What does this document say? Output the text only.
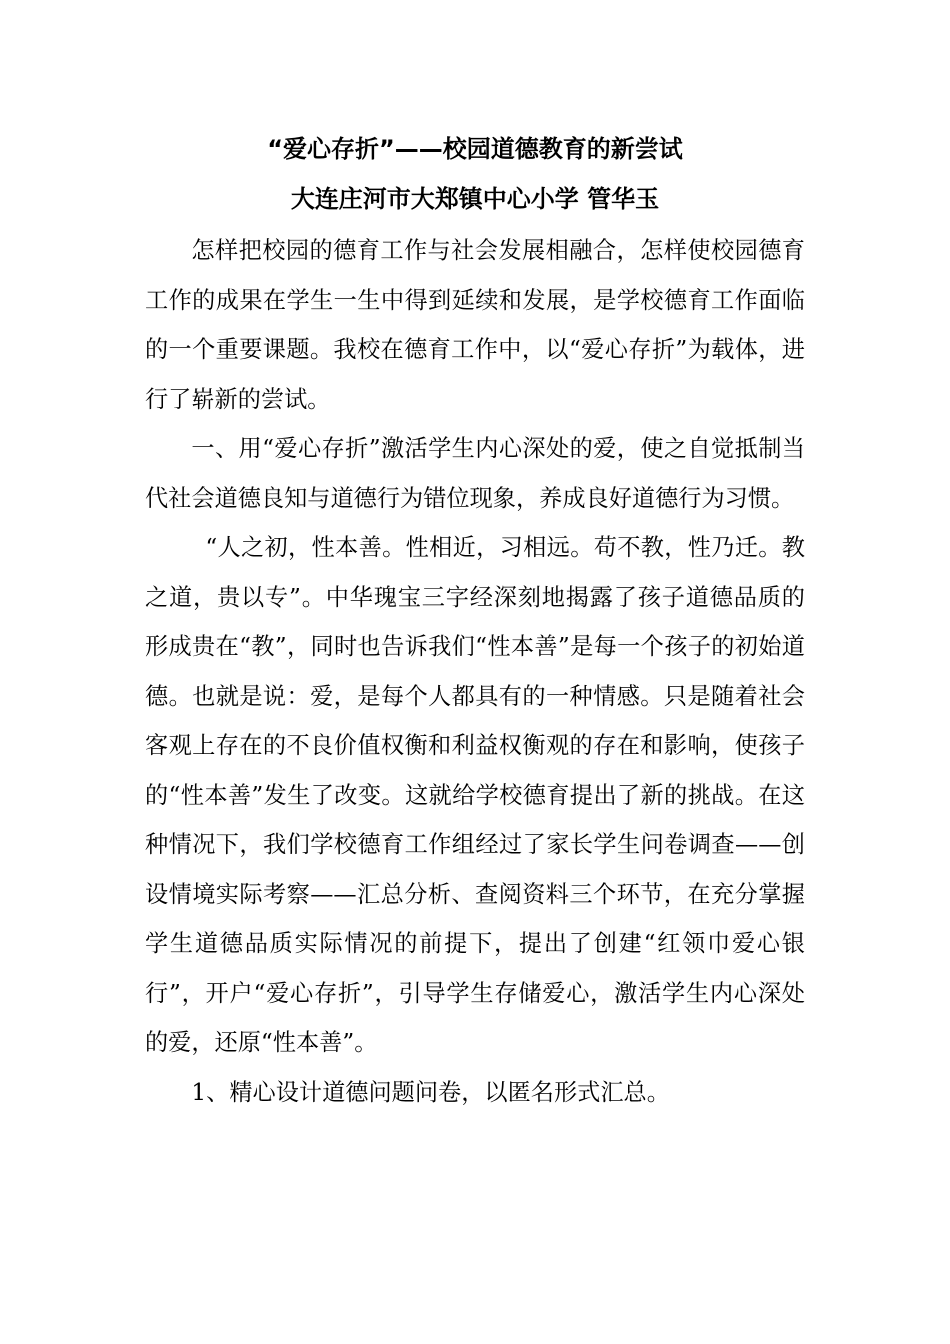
“爱心存折”——校园道德教育的新尝试
大连庄河市大郑镇中心小学 管华玉

怎样把校园的德育工作与社会发展相融合，怎样使校园德育工作的成果在学生一生中得到延续和发展，是学校德育工作面临的一个重要课题。我校在德育工作中，以“爱心存折”为载体，进行了崭新的尝试。

一、用“爱心存折”激活学生内心深处的爱，使之自觉抵制当代社会道德良知与道德行为错位现象，养成良好道德行为习惯。

“人之初，性本善。性相近，习相远。苟不教，性乃迁。教之道，贵以专”。中华瑰宝三字经深刻地揭露了孩子道德品质的形成贵在“教”，同时也告诉我们“性本善”是每一个孩子的初始道德。也就是说：爱，是每个人都具有的一种情感。只是随着社会客观上存在的不良价值权衡和利益权衡观的存在和影响，使孩子的“性本善”发生了改变。这就给学校德育提出了新的挑战。在这种情况下，我们学校德育工作组经过了家长学生问卷调查——创设情境实际考察——汇总分析、查阅资料三个环节，在充分掌握学生道德品质实际情况的前提下，提出了创建“红领巾爱心银行”，开户“爱心存折”，引导学生存储爱心，激活学生内心深处的爱，还原“性本善”。

1、精心设计道德问题问卷，以匿名形式汇总。
